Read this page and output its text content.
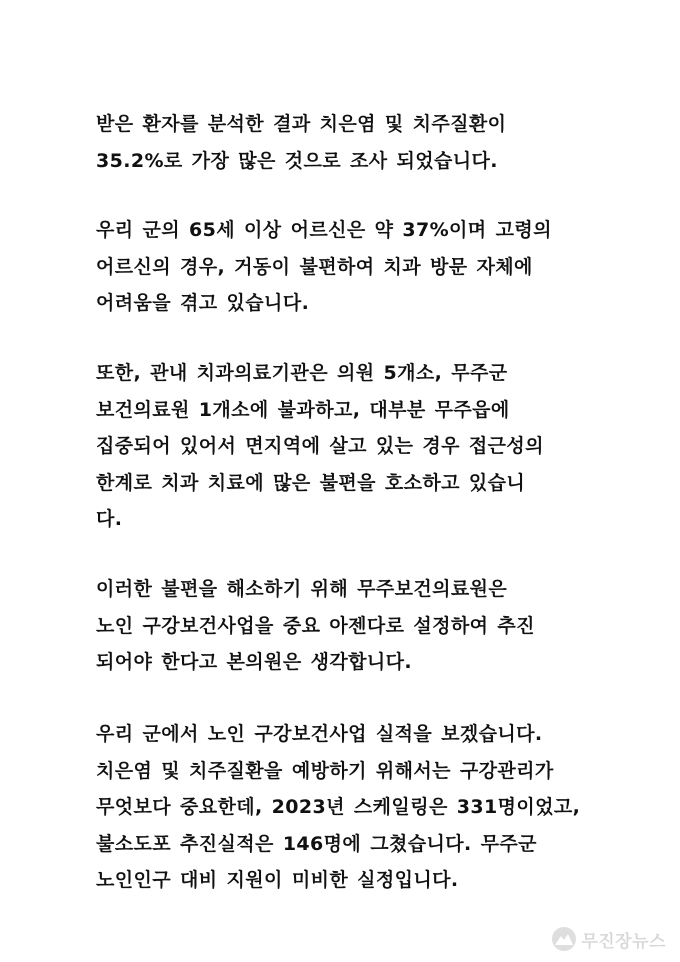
받은 환자를 분석한 결과 치은염 및 치주질환이
35.2%로 가장 많은 것으로 조사 되었습니다.

우리 군의 65세 이상 어르신은 약 37%이며 고령의
어르신의 경우, 거동이 불편하여 치과 방문 자체에
어려움을 겪고 있습니다.

또한, 관내 치과의료기관은 의원 5개소, 무주군
보건의료원 1개소에 불과하고, 대부분 무주읍에
집중되어 있어서 면지역에 살고 있는 경우 접근성의
한계로 치과 치료에 많은 불편을 호소하고 있습니
다.

이러한 불편을 해소하기 위해 무주보건의료원은
노인 구강보건사업을 중요 아젠다로 설정하여 추진
되어야 한다고 본의원은 생각합니다.

우리 군에서 노인 구강보건사업 실적을 보겠습니다.
치은염 및 치주질환을 예방하기 위해서는 구강관리가
무엇보다 중요한데, 2023년 스케일링은 331명이었고,
불소도포 추진실적은 146명에 그쳤습니다. 무주군
노인인구 대비 지원이 미비한 실정입니다.

무진장뉴스
